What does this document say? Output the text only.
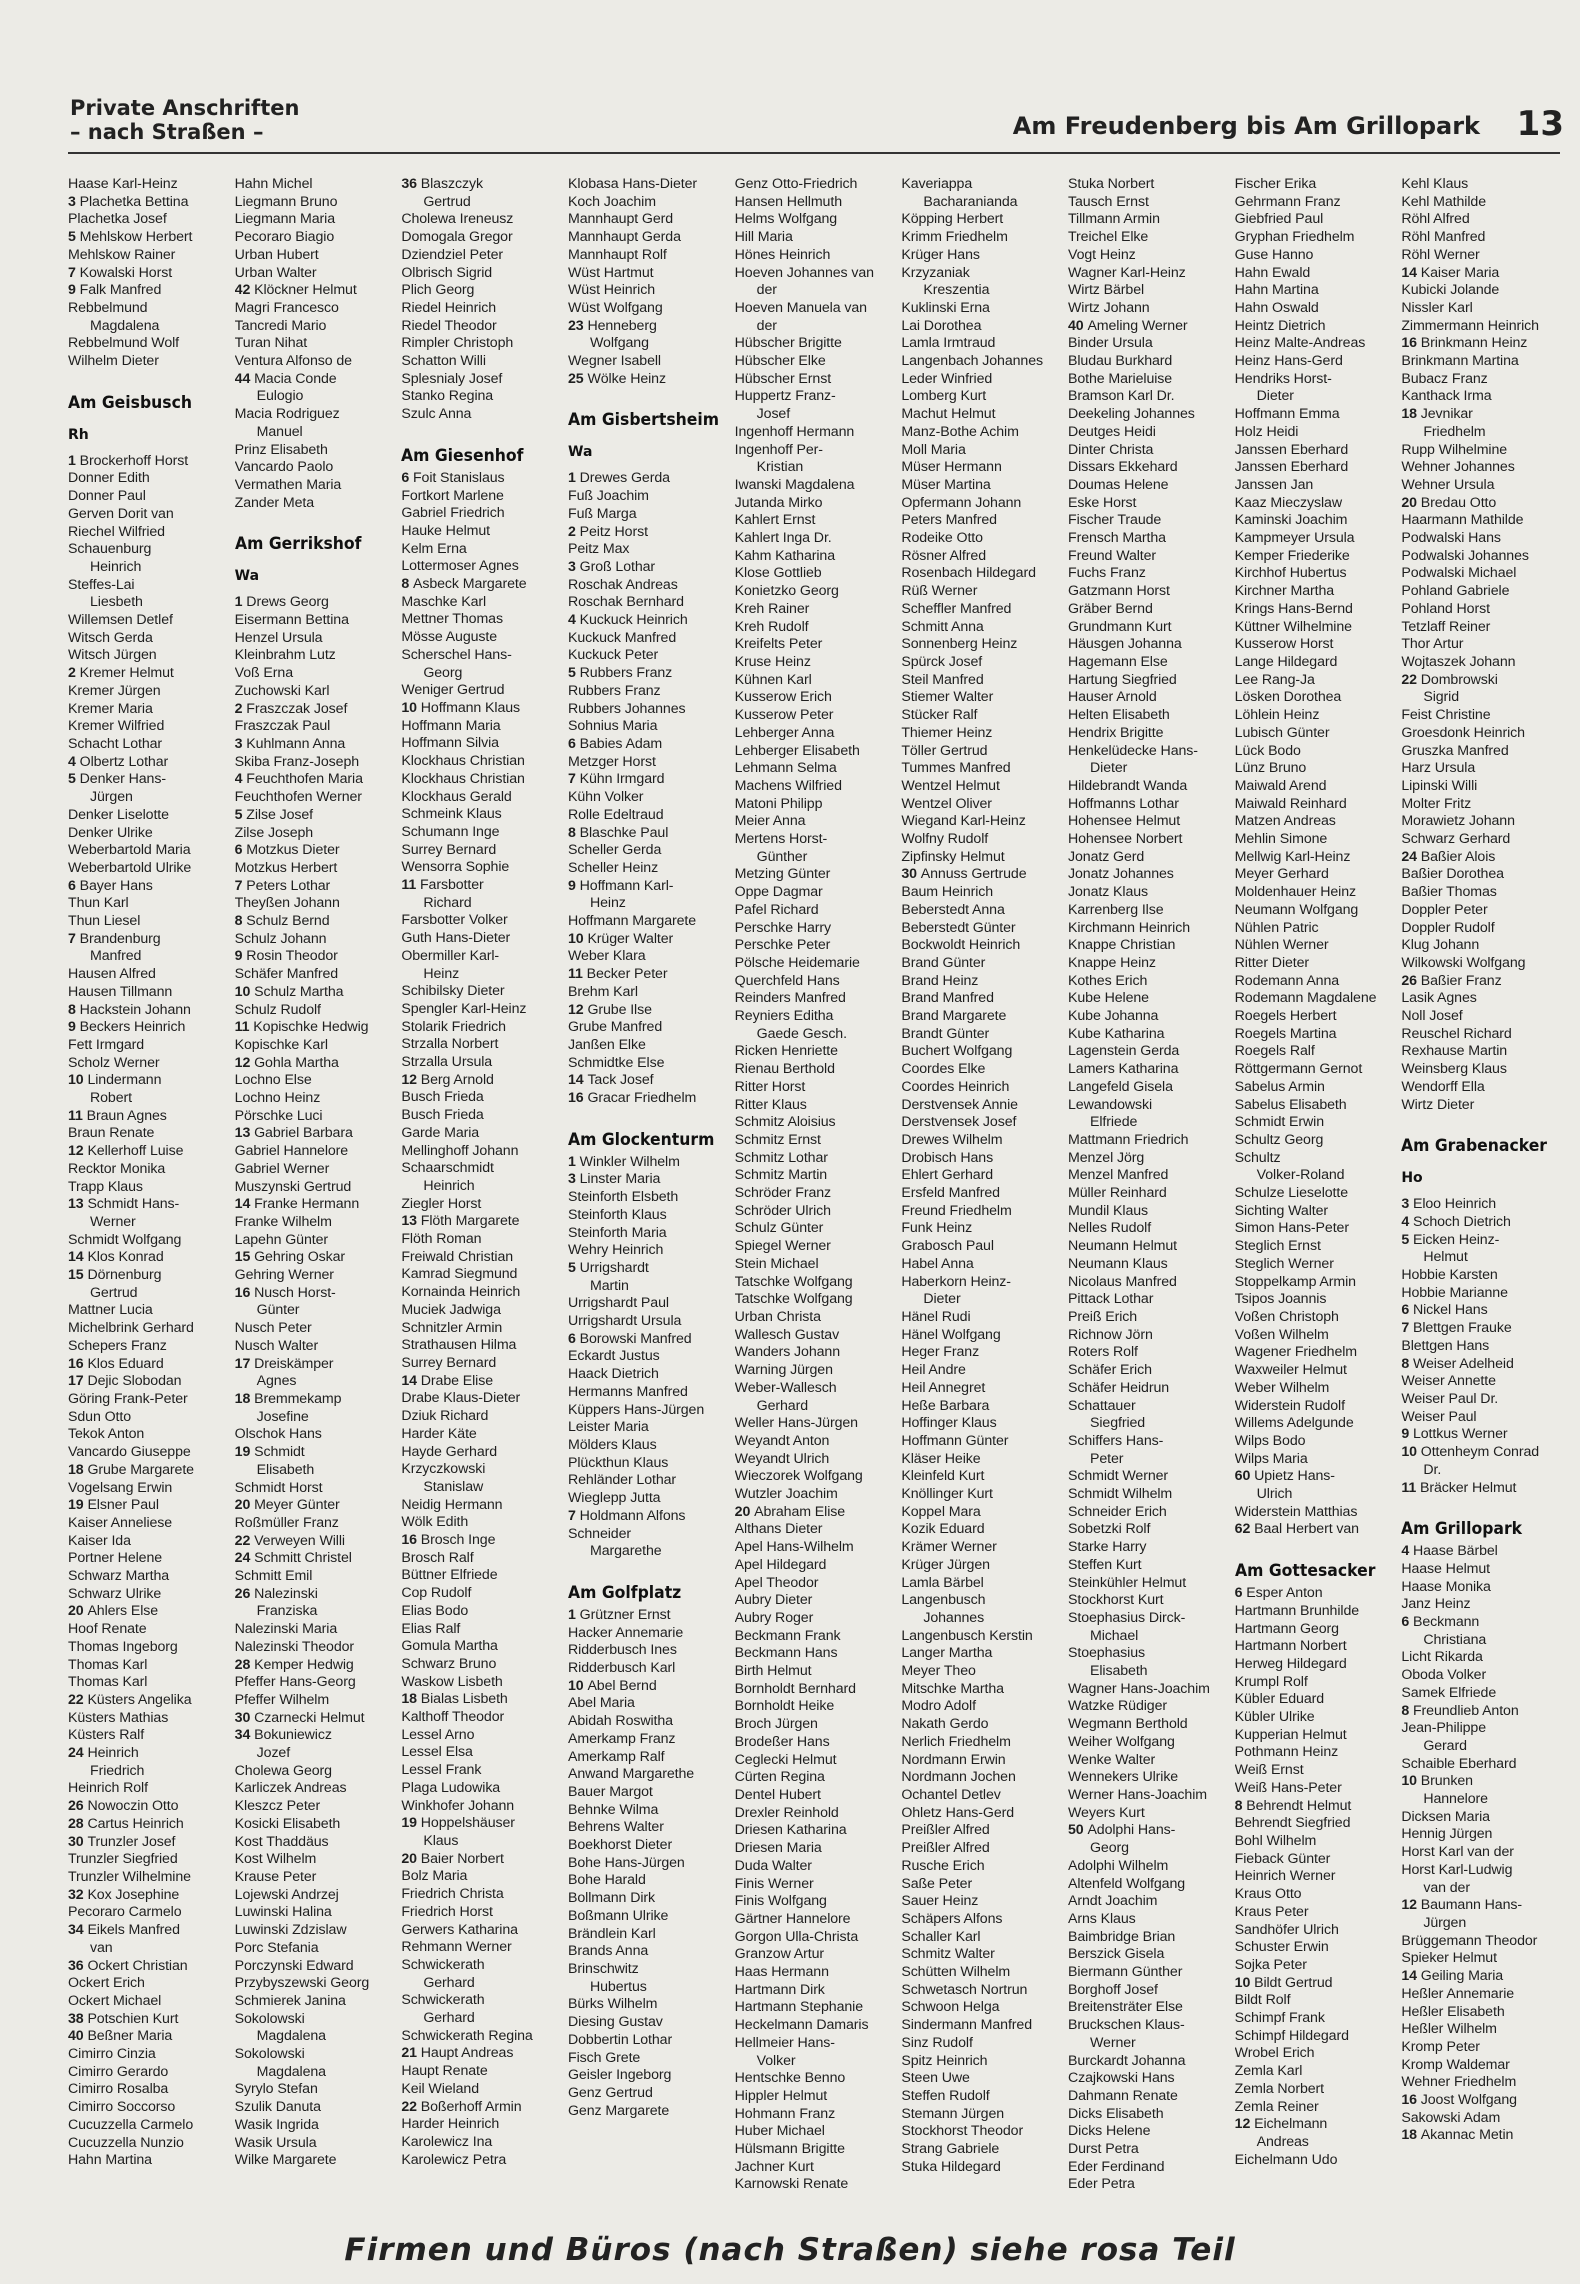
Private Anschriften
– nach Straßen –	Am Freudenberg bis Am Grillopark 13
Haase Karl-Heinz
3 Plachetka Bettina
Plachetka Josef
5 Mehlskow Herbert
Mehlskow Rainer
7 Kowalski Horst
9 Falk Manfred
Rebbelmund
Magdalena
Rebbelmund Wolf
Wilhelm Dieter
Am Geisbusch
Rh
1 Brockerhoff Horst
Donner Edith
Donner Paul
Gerven Dorit van
Riechel Wilfried
Schauenburg
Heinrich
Steffes-Lai
Liesbeth
Willemsen Detlef
Witsch Gerda
Witsch Jürgen
2 Kremer Helmut
Kremer Jürgen
Kremer Maria
Kremer Wilfried
Schacht Lothar
4 Olbertz Lothar
5 Denker Hans-
Jürgen
Denker Liselotte
Denker Ulrike
Weberbartold Maria
Weberbartold Ulrike
6 Bayer Hans
Thun Karl
Thun Liesel
7 Brandenburg
Manfred
Hausen Alfred
Hausen Tillmann
8 Hackstein Johann
9 Beckers Heinrich
Fett Irmgard
Scholz Werner
10 Lindermann
Robert
11 Braun Agnes
Braun Renate
12 Kellerhoff Luise
Recktor Monika
Trapp Klaus
13 Schmidt Hans-
Werner
Schmidt Wolfgang
14 Klos Konrad
15 Dörnenburg
Gertrud
Mattner Lucia
Michelbrink Gerhard
Schepers Franz
16 Klos Eduard
17 Dejic Slobodan
Göring Frank-Peter
Sdun Otto
Tekok Anton
Vancardo Giuseppe
18 Grube Margarete
Vogelsang Erwin
19 Elsner Paul
Kaiser Anneliese
Kaiser Ida
Portner Helene
Schwarz Martha
Schwarz Ulrike
20 Ahlers Else
Hoof Renate
Thomas Ingeborg
Thomas Karl
Thomas Karl
22 Küsters Angelika
Küsters Mathias
Küsters Ralf
24 Heinrich
Friedrich
Heinrich Rolf
26 Nowoczin Otto
28 Cartus Heinrich
30 Trunzler Josef
Trunzler Siegfried
Trunzler Wilhelmine
32 Kox Josephine
Pecoraro Carmelo
34 Eikels Manfred
van
36 Ockert Christian
Ockert Erich
Ockert Michael
38 Potschien Kurt
40 Beßner Maria
Cimirro Cinzia
Cimirro Gerardo
Cimirro Rosalba
Cimirro Soccorso
Cucuzzella Carmelo
Cucuzzella Nunzio
Hahn Martina
Hahn Michel
Liegmann Bruno
Liegmann Maria
Pecoraro Biagio
Urban Hubert
Urban Walter
42 Klöckner Helmut
Magri Francesco
Tancredi Mario
Turan Nihat
Ventura Alfonso de
44 Macia Conde
Eulogio
Macia Rodriguez
Manuel
Prinz Elisabeth
Vancardo Paolo
Vermathen Maria
Zander Meta
Am Gerrikshof
Wa
1 Drews Georg
Eisermann Bettina
Henzel Ursula
Kleinbrahm Lutz
Voß Erna
Zuchowski Karl
2 Fraszczak Josef
Fraszczak Paul
3 Kuhlmann Anna
Skiba Franz-Joseph
4 Feuchthofen Maria
Feuchthofen Werner
5 Zilse Josef
Zilse Joseph
6 Motzkus Dieter
Motzkus Herbert
7 Peters Lothar
Theyßen Johann
8 Schulz Bernd
Schulz Johann
9 Rosin Theodor
Schäfer Manfred
10 Schulz Martha
Schulz Rudolf
11 Kopischke Hedwig
Kopischke Karl
12 Gohla Martha
Lochno Else
Lochno Heinz
Pörschke Luci
13 Gabriel Barbara
Gabriel Hannelore
Gabriel Werner
Muszynski Gertrud
14 Franke Hermann
Franke Wilhelm
Lapehn Günter
15 Gehring Oskar
Gehring Werner
16 Nusch Horst-
Günter
Nusch Peter
Nusch Walter
17 Dreiskämper
Agnes
18 Bremmekamp
Josefine
Olschok Hans
19 Schmidt
Elisabeth
Schmidt Horst
20 Meyer Günter
Roßmüller Franz
22 Verweyen Willi
24 Schmitt Christel
Schmitt Emil
26 Nalezinski
Franziska
Nalezinski Maria
Nalezinski Theodor
28 Kemper Hedwig
Pfeffer Hans-Georg
Pfeffer Wilhelm
30 Czarnecki Helmut
34 Bokuniewicz
Jozef
Cholewa Georg
Karliczek Andreas
Kleszcz Peter
Kosicki Elisabeth
Kost Thaddäus
Kost Wilhelm
Krause Peter
Lojewski Andrzej
Luwinski Halina
Luwinski Zdzislaw
Porc Stefania
Porczynski Edward
Przybyszewski Georg
Schmierek Janina
Sokolowski
Magdalena
Sokolowski
Magdalena
Syrylo Stefan
Szulik Danuta
Wasik Ingrida
Wasik Ursula
Wilke Margarete
36 Blaszczyk
Gertrud
Cholewa Ireneusz
Domogala Gregor
Dziendziel Peter
Olbrisch Sigrid
Plich Georg
Riedel Heinrich
Riedel Theodor
Rimpler Christoph
Schatton Willi
Splesnialy Josef
Stanko Regina
Szulc Anna
Am Giesenhof
6 Foit Stanislaus
Fortkort Marlene
Gabriel Friedrich
Hauke Helmut
Kelm Erna
Lottermoser Agnes
8 Asbeck Margarete
Maschke Karl
Mettner Thomas
Mösse Auguste
Scherschel Hans-
Georg
Weniger Gertrud
10 Hoffmann Klaus
Hoffmann Maria
Hoffmann Silvia
Klockhaus Christian
Klockhaus Christian
Klockhaus Gerald
Schmeink Klaus
Schumann Inge
Surrey Bernard
Wensorra Sophie
11 Farsbotter
Richard
Farsbotter Volker
Guth Hans-Dieter
Obermiller Karl-
Heinz
Schibilsky Dieter
Spengler Karl-Heinz
Stolarik Friedrich
Strzalla Norbert
Strzalla Ursula
12 Berg Arnold
Busch Frieda
Busch Frieda
Garde Maria
Mellinghoff Johann
Schaarschmidt
Heinrich
Ziegler Horst
13 Flöth Margarete
Flöth Roman
Freiwald Christian
Kamrad Siegmund
Kornainda Heinrich
Muciek Jadwiga
Schnitzler Armin
Strathausen Hilma
Surrey Bernard
14 Drabe Elise
Drabe Klaus-Dieter
Dziuk Richard
Harder Käte
Hayde Gerhard
Krzyczkowski
Stanislaw
Neidig Hermann
Wölk Edith
16 Brosch Inge
Brosch Ralf
Büttner Elfriede
Cop Rudolf
Elias Bodo
Elias Ralf
Gomula Martha
Schwarz Bruno
Waskow Lisbeth
18 Bialas Lisbeth
Kalthoff Theodor
Lessel Arno
Lessel Elsa
Lessel Frank
Plaga Ludowika
Winkhofer Johann
19 Hoppelshäuser
Klaus
20 Baier Norbert
Bolz Maria
Friedrich Christa
Friedrich Horst
Gerwers Katharina
Rehmann Werner
Schwickerath
Gerhard
Schwickerath
Gerhard
Schwickerath Regina
21 Haupt Andreas
Haupt Renate
Keil Wieland
22 Boßerhoff Armin
Harder Heinrich
Karolewicz Ina
Karolewicz Petra
Klobasa Hans-Dieter
Koch Joachim
Mannhaupt Gerd
Mannhaupt Gerda
Mannhaupt Rolf
Wüst Hartmut
Wüst Heinrich
Wüst Wolfgang
23 Henneberg
Wolfgang
Wegner Isabell
25 Wölke Heinz
Am Gisbertsheim
Wa
1 Drewes Gerda
Fuß Joachim
Fuß Marga
2 Peitz Horst
Peitz Max
3 Groß Lothar
Roschak Andreas
Roschak Bernhard
4 Kuckuck Heinrich
Kuckuck Manfred
Kuckuck Peter
5 Rubbers Franz
Rubbers Franz
Rubbers Johannes
Sohnius Maria
6 Babies Adam
Metzger Horst
7 Kühn Irmgard
Kühn Volker
Rolle Edeltraud
8 Blaschke Paul
Scheller Gerda
Scheller Heinz
9 Hoffmann Karl-
Heinz
Hoffmann Margarete
10 Krüger Walter
Weber Klara
11 Becker Peter
Brehm Karl
12 Grube Ilse
Grube Manfred
Janßen Elke
Schmidtke Else
14 Tack Josef
16 Gracar Friedhelm
Am Glockenturm
1 Winkler Wilhelm
3 Linster Maria
Steinforth Elsbeth
Steinforth Klaus
Steinforth Maria
Wehry Heinrich
5 Urrigshardt
Martin
Urrigshardt Paul
Urrigshardt Ursula
6 Borowski Manfred
Eckardt Justus
Haack Dietrich
Hermanns Manfred
Küppers Hans-Jürgen
Leister Maria
Mölders Klaus
Plückthun Klaus
Rehländer Lothar
Wieglepp Jutta
7 Holdmann Alfons
Schneider
Margarethe
Am Golfplatz
1 Grützner Ernst
Hacker Annemarie
Ridderbusch Ines
Ridderbusch Karl
10 Abel Bernd
Abel Maria
Abidah Roswitha
Amerkamp Franz
Amerkamp Ralf
Anwand Margarethe
Bauer Margot
Behnke Wilma
Behrens Walter
Boekhorst Dieter
Bohe Hans-Jürgen
Bohe Harald
Bollmann Dirk
Boßmann Ulrike
Brändlein Karl
Brands Anna
Brinschwitz
Hubertus
Bürks Wilhelm
Diesing Gustav
Dobbertin Lothar
Fisch Grete
Geisler Ingeborg
Genz Gertrud
Genz Margarete
Genz Otto-Friedrich
Hansen Hellmuth
Helms Wolfgang
Hill Maria
Hönes Heinrich
Hoeven Johannes van
der
Hoeven Manuela van
der
Hübscher Brigitte
Hübscher Elke
Hübscher Ernst
Huppertz Franz-
Josef
Ingenhoff Hermann
Ingenhoff Per-
Kristian
Iwanski Magdalena
Jutanda Mirko
Kahlert Ernst
Kahlert Inga Dr.
Kahm Katharina
Klose Gottlieb
Konietzko Georg
Kreh Rainer
Kreh Rudolf
Kreifelts Peter
Kruse Heinz
Kühnen Karl
Kusserow Erich
Kusserow Peter
Lehberger Anna
Lehberger Elisabeth
Lehmann Selma
Machens Wilfried
Matoni Philipp
Meier Anna
Mertens Horst-
Günther
Metzing Günter
Oppe Dagmar
Pafel Richard
Perschke Harry
Perschke Peter
Pölsche Heidemarie
Querchfeld Hans
Reinders Manfred
Reyniers Editha
Gaede Gesch.
Ricken Henriette
Rienau Berthold
Ritter Horst
Ritter Klaus
Schmitz Aloisius
Schmitz Ernst
Schmitz Lothar
Schmitz Martin
Schröder Franz
Schröder Ulrich
Schulz Günter
Spiegel Werner
Stein Michael
Tatschke Wolfgang
Tatschke Wolfgang
Urban Christa
Wallesch Gustav
Wanders Johann
Warning Jürgen
Weber-Wallesch
Gerhard
Weller Hans-Jürgen
Weyandt Anton
Weyandt Ulrich
Wieczorek Wolfgang
Wutzler Joachim
20 Abraham Elise
Althans Dieter
Apel Hans-Wilhelm
Apel Hildegard
Apel Theodor
Aubry Dieter
Aubry Roger
Beckmann Frank
Beckmann Hans
Birth Helmut
Bornholdt Bernhard
Bornholdt Heike
Broch Jürgen
Brodeßer Hans
Ceglecki Helmut
Cürten Regina
Dentel Hubert
Drexler Reinhold
Driesen Katharina
Driesen Maria
Duda Walter
Finis Werner
Finis Wolfgang
Gärtner Hannelore
Gorgon Ulla-Christa
Granzow Artur
Haas Hermann
Hartmann Dirk
Hartmann Stephanie
Heckelmann Damaris
Hellmeier Hans-
Volker
Hentschke Benno
Hippler Helmut
Hohmann Franz
Huber Michael
Hülsmann Brigitte
Jachner Kurt
Karnowski Renate
Kaveriappa
Bacharanianda
Köpping Herbert
Krimm Friedhelm
Krüger Hans
Krzyzaniak
Kreszentia
Kuklinski Erna
Lai Dorothea
Lamla Irmtraud
Langenbach Johannes
Leder Winfried
Lomberg Kurt
Machut Helmut
Manz-Bothe Achim
Moll Maria
Müser Hermann
Müser Martina
Opfermann Johann
Peters Manfred
Rodeike Otto
Rösner Alfred
Rosenbach Hildegard
Rüß Werner
Scheffler Manfred
Schmitt Anna
Sonnenberg Heinz
Spürck Josef
Steil Manfred
Stiemer Walter
Stücker Ralf
Thiemer Heinz
Töller Gertrud
Tummes Manfred
Wentzel Helmut
Wentzel Oliver
Wiegand Karl-Heinz
Wolfny Rudolf
Zipfinsky Helmut
30 Annuss Gertrude
Baum Heinrich
Beberstedt Anna
Beberstedt Günter
Bockwoldt Heinrich
Brand Günter
Brand Heinz
Brand Manfred
Brand Margarete
Brandt Günter
Buchert Wolfgang
Coordes Elke
Coordes Heinrich
Derstvensek Annie
Derstvensek Josef
Drewes Wilhelm
Drobisch Hans
Ehlert Gerhard
Ersfeld Manfred
Freund Friedhelm
Funk Heinz
Grabosch Paul
Habel Anna
Haberkorn Heinz-
Dieter
Hänel Rudi
Hänel Wolfgang
Heger Franz
Heil Andre
Heil Annegret
Heße Barbara
Hoffinger Klaus
Hoffmann Günter
Kläser Heike
Kleinfeld Kurt
Knöllinger Kurt
Koppel Mara
Kozik Eduard
Krämer Werner
Krüger Jürgen
Lamla Bärbel
Langenbusch
Johannes
Langenbusch Kerstin
Langer Martha
Meyer Theo
Mitschke Martha
Modro Adolf
Nakath Gerdo
Nerlich Friedhelm
Nordmann Erwin
Nordmann Jochen
Ochantel Detlev
Ohletz Hans-Gerd
Preißler Alfred
Preißler Alfred
Rusche Erich
Saße Peter
Sauer Heinz
Schäpers Alfons
Schaller Karl
Schmitz Walter
Schütten Wilhelm
Schwetasch Nortrun
Schwoon Helga
Sindermann Manfred
Sinz Rudolf
Spitz Heinrich
Steen Uwe
Steffen Rudolf
Stemann Jürgen
Stockhorst Theodor
Strang Gabriele
Stuka Hildegard
Stuka Norbert
Tausch Ernst
Tillmann Armin
Treichel Elke
Vogt Heinz
Wagner Karl-Heinz
Wirtz Bärbel
Wirtz Johann
40 Ameling Werner
Binder Ursula
Bludau Burkhard
Bothe Marieluise
Bramson Karl Dr.
Deekeling Johannes
Deutges Heidi
Dinter Christa
Dissars Ekkehard
Doumas Helene
Eske Horst
Fischer Traude
Frensch Martha
Freund Walter
Fuchs Franz
Gatzmann Horst
Gräber Bernd
Grundmann Kurt
Häusgen Johanna
Hagemann Else
Hartung Siegfried
Hauser Arnold
Helten Elisabeth
Hendrix Brigitte
Henkelüdecke Hans-
Dieter
Hildebrandt Wanda
Hoffmanns Lothar
Hohensee Helmut
Hohensee Norbert
Jonatz Gerd
Jonatz Johannes
Jonatz Klaus
Karrenberg Ilse
Kirchmann Heinrich
Knappe Christian
Knappe Heinz
Kothes Erich
Kube Helene
Kube Johanna
Kube Katharina
Lagenstein Gerda
Lamers Katharina
Langefeld Gisela
Lewandowski
Elfriede
Mattmann Friedrich
Menzel Jörg
Menzel Manfred
Müller Reinhard
Mundil Klaus
Nelles Rudolf
Neumann Helmut
Neumann Klaus
Nicolaus Manfred
Pittack Lothar
Preiß Erich
Richnow Jörn
Roters Rolf
Schäfer Erich
Schäfer Heidrun
Schattauer
Siegfried
Schiffers Hans-
Peter
Schmidt Werner
Schmidt Wilhelm
Schneider Erich
Sobetzki Rolf
Starke Harry
Steffen Kurt
Steinkühler Helmut
Stockhorst Kurt
Stoephasius Dirck-
Michael
Stoephasius
Elisabeth
Wagner Hans-Joachim
Watzke Rüdiger
Wegmann Berthold
Weiher Wolfgang
Wenke Walter
Wennekers Ulrike
Werner Hans-Joachim
Weyers Kurt
50 Adolphi Hans-
Georg
Adolphi Wilhelm
Altenfeld Wolfgang
Arndt Joachim
Arns Klaus
Baimbridge Brian
Berszick Gisela
Biermann Günther
Borghoff Josef
Breitensträter Else
Bruckschen Klaus-
Werner
Burckardt Johanna
Czajkowski Hans
Dahmann Renate
Dicks Elisabeth
Dicks Helene
Durst Petra
Eder Ferdinand
Eder Petra
Fischer Erika
Gehrmann Franz
Giebfried Paul
Gryphan Friedhelm
Guse Hanno
Hahn Ewald
Hahn Martina
Hahn Oswald
Heintz Dietrich
Heinz Malte-Andreas
Heinz Hans-Gerd
Hendriks Horst-
Dieter
Hoffmann Emma
Holz Heidi
Janssen Eberhard
Janssen Eberhard
Janssen Jan
Kaaz Mieczyslaw
Kaminski Joachim
Kampmeyer Ursula
Kemper Friederike
Kirchhof Hubertus
Kirchner Martha
Krings Hans-Bernd
Küttner Wilhelmine
Kusserow Horst
Lange Hildegard
Lee Rang-Ja
Lösken Dorothea
Löhlein Heinz
Lubisch Günter
Lück Bodo
Lünz Bruno
Maiwald Arend
Maiwald Reinhard
Matzen Andreas
Mehlin Simone
Mellwig Karl-Heinz
Meyer Gerhard
Moldenhauer Heinz
Neumann Wolfgang
Nühlen Patric
Nühlen Werner
Ritter Dieter
Rodemann Anna
Rodemann Magdalene
Roegels Herbert
Roegels Martina
Roegels Ralf
Röttgermann Gernot
Sabelus Armin
Sabelus Elisabeth
Schmidt Erwin
Schultz Georg
Schultz
Volker-Roland
Schulze Lieselotte
Sichting Walter
Simon Hans-Peter
Steglich Ernst
Steglich Werner
Stoppelkamp Armin
Tsipos Joannis
Voßen Christoph
Voßen Wilhelm
Wagener Friedhelm
Waxweiler Helmut
Weber Wilhelm
Widerstein Rudolf
Willems Adelgunde
Wilps Bodo
Wilps Maria
60 Upietz Hans-
Ulrich
Widerstein Matthias
62 Baal Herbert van
Am Gottesacker
6 Esper Anton
Hartmann Brunhilde
Hartmann Georg
Hartmann Norbert
Herweg Hildegard
Krumpl Rolf
Kübler Eduard
Kübler Ulrike
Kupperian Helmut
Pothmann Heinz
Weiß Ernst
Weiß Hans-Peter
8 Behrendt Helmut
Behrendt Siegfried
Bohl Wilhelm
Fieback Günter
Heinrich Werner
Kraus Otto
Kraus Peter
Sandhöfer Ulrich
Schuster Erwin
Sojka Peter
10 Bildt Gertrud
Bildt Rolf
Schimpf Frank
Schimpf Hildegard
Wrobel Erich
Zemla Karl
Zemla Norbert
Zemla Reiner
12 Eichelmann
Andreas
Eichelmann Udo
Kehl Klaus
Kehl Mathilde
Röhl Alfred
Röhl Manfred
Röhl Werner
14 Kaiser Maria
Kubicki Jolande
Nissler Karl
Zimmermann Heinrich
16 Brinkmann Heinz
Brinkmann Martina
Bubacz Franz
Kanthack Irma
18 Jevnikar
Friedhelm
Rupp Wilhelmine
Wehner Johannes
Wehner Ursula
20 Bredau Otto
Haarmann Mathilde
Podwalski Hans
Podwalski Johannes
Podwalski Michael
Pohland Gabriele
Pohland Horst
Tetzlaff Reiner
Thor Artur
Wojtaszek Johann
22 Dombrowski
Sigrid
Feist Christine
Groesdonk Heinrich
Gruszka Manfred
Harz Ursula
Lipinski Willi
Molter Fritz
Morawietz Johann
Schwarz Gerhard
24 Baßier Alois
Baßier Dorothea
Baßier Thomas
Doppler Peter
Doppler Rudolf
Klug Johann
Wilkowski Wolfgang
26 Baßier Franz
Lasik Agnes
Noll Josef
Reuschel Richard
Rexhause Martin
Weinsberg Klaus
Wendorff Ella
Wirtz Dieter
Am Grabenacker
Ho
3 Eloo Heinrich
4 Schoch Dietrich
5 Eicken Heinz-
Helmut
Hobbie Karsten
Hobbie Marianne
6 Nickel Hans
7 Blettgen Frauke
Blettgen Hans
8 Weiser Adelheid
Weiser Annette
Weiser Paul Dr.
Weiser Paul
9 Lottkus Werner
10 Ottenheym Conrad
Dr.
11 Bräcker Helmut
Am Grillopark
4 Haase Bärbel
Haase Helmut
Haase Monika
Janz Heinz
6 Beckmann
Christiana
Licht Rikarda
Oboda Volker
Samek Elfriede
8 Freundlieb Anton
Jean-Philippe
Gerard
Schaible Eberhard
10 Brunken
Hannelore
Dicksen Maria
Hennig Jürgen
Horst Karl van der
Horst Karl-Ludwig
van der
12 Baumann Hans-
Jürgen
Brüggemann Theodor
Spieker Helmut
14 Geiling Maria
Heßler Annemarie
Heßler Elisabeth
Heßler Wilhelm
Kromp Peter
Kromp Waldemar
Wehner Friedhelm
16 Joost Wolfgang
Sakowski Adam
18 Akannac Metin
Firmen und Büros (nach Straßen) siehe rosa Teil
